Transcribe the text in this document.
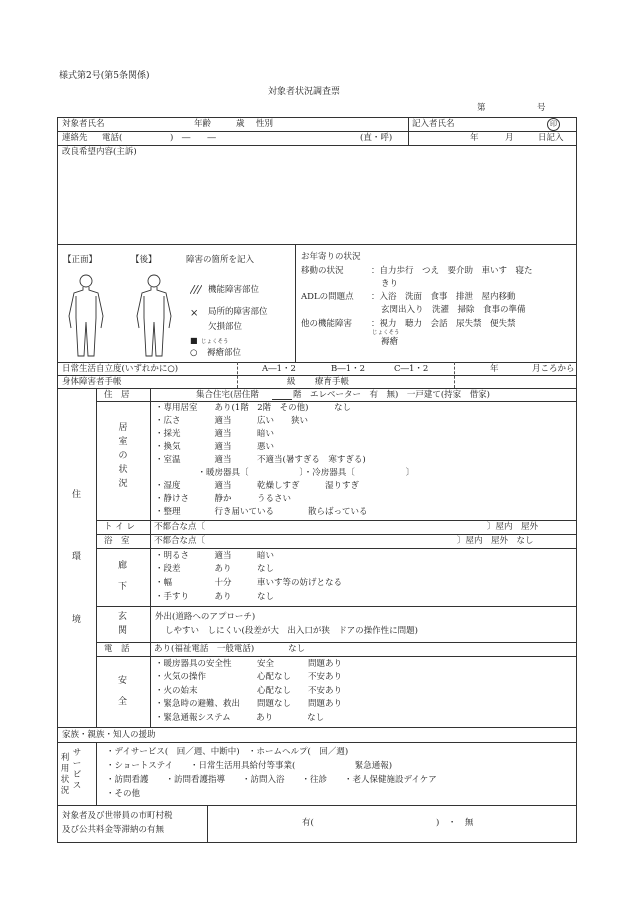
様式第2号(第5条関係)
対象者状況調査票
第	号
対象者氏名	年齢	歳 性別	記入者氏名	印
連絡先 電話(	)　―　　―	(直・呼)	年	月	日記入
改良希望内容(主訴)
【正面】	【後】	障害の箇所を記入
機能障害部位
× 局所的障害部位
欠損部位
■ じょくそう
○ 褥瘡部位
お年寄りの状況
移動の状況	：自力歩行　つえ　要介助　車いす　寝た
きり
ADLの問題点 ：入浴　洗面　食事　排泄　屋内移動
玄関出入り　洗濯　掃除　食事の準備
他の機能障害 ：視力　聴力　会話　尿失禁　便失禁
じょくそう
褥瘡
日常生活自立度(いずれかに○)	A―1・2	B―1・2	C―1・2	年	月ころから
身体障害者手帳	級 療育手帳
住
環
境
住　居	集合住宅(居住階	階　エレベーター　有　無)　一戸建て(持家　借家)
居室の状況
・専用居室　　あり(1階　2階　その他)　　　なし
・広さ　　　　適当　　　広い　　狭い
・採光　　　　適当　　　暗い
・換気　　　　適当　　　悪い
・室温　　　　適当　　　不適当(暑すぎる　寒すぎる)
　　　　　・暖房器具〔　　　　　　〕・冷房器具〔　　　　　　〕
・湿度　　　　適当　　　乾燥しすぎ　　　湿りすぎ
・静けさ　　　静か　　　うるさい
・整理　　　　行き届いている　　　　散らばっている
ト イ レ 不都合な点〔	〕屋内　屋外
浴　室	不都合な点〔	〕屋内　屋外　なし
廊
下
・明るさ　　　適当　　　暗い
・段差　　　　あり　　　なし
・幅　　　　　十分　　　車いす等の妨げとなる
・手すり　　　あり　　　なし
玄
関
外出(道路へのアプローチ)
しやすい　しにくい(段差が大　出入口が狭　ドアの操作性に問題)
電　話	あり(福祉電話　一般電話)　　　　なし
安
全
・暖房器具の安全性　　　安全　　　　問題あり
・火気の操作　　　　　　心配なし　　不安あり
・火の始末　　　　　　　心配なし　　不安あり
・緊急時の避難、救出　　問題なし　　問題あり
・緊急通報システム　　　あり　　　　なし
家族・親族・知人の援助
サービス
利用状況
・デイサービス(　回／週、中断中)　・ホームヘルプ(　回／週)
・ショートステイ　　・日常生活用具給付等事業(　　　　　　　緊急通報)
・訪問看護　　・訪問看護指導　　・訪問入浴　　・往診　　・老人保健施設デイケア
・その他
対象者及び世帯員の市町村税
及び公共料金等滞納の有無
有(	)　・　無
